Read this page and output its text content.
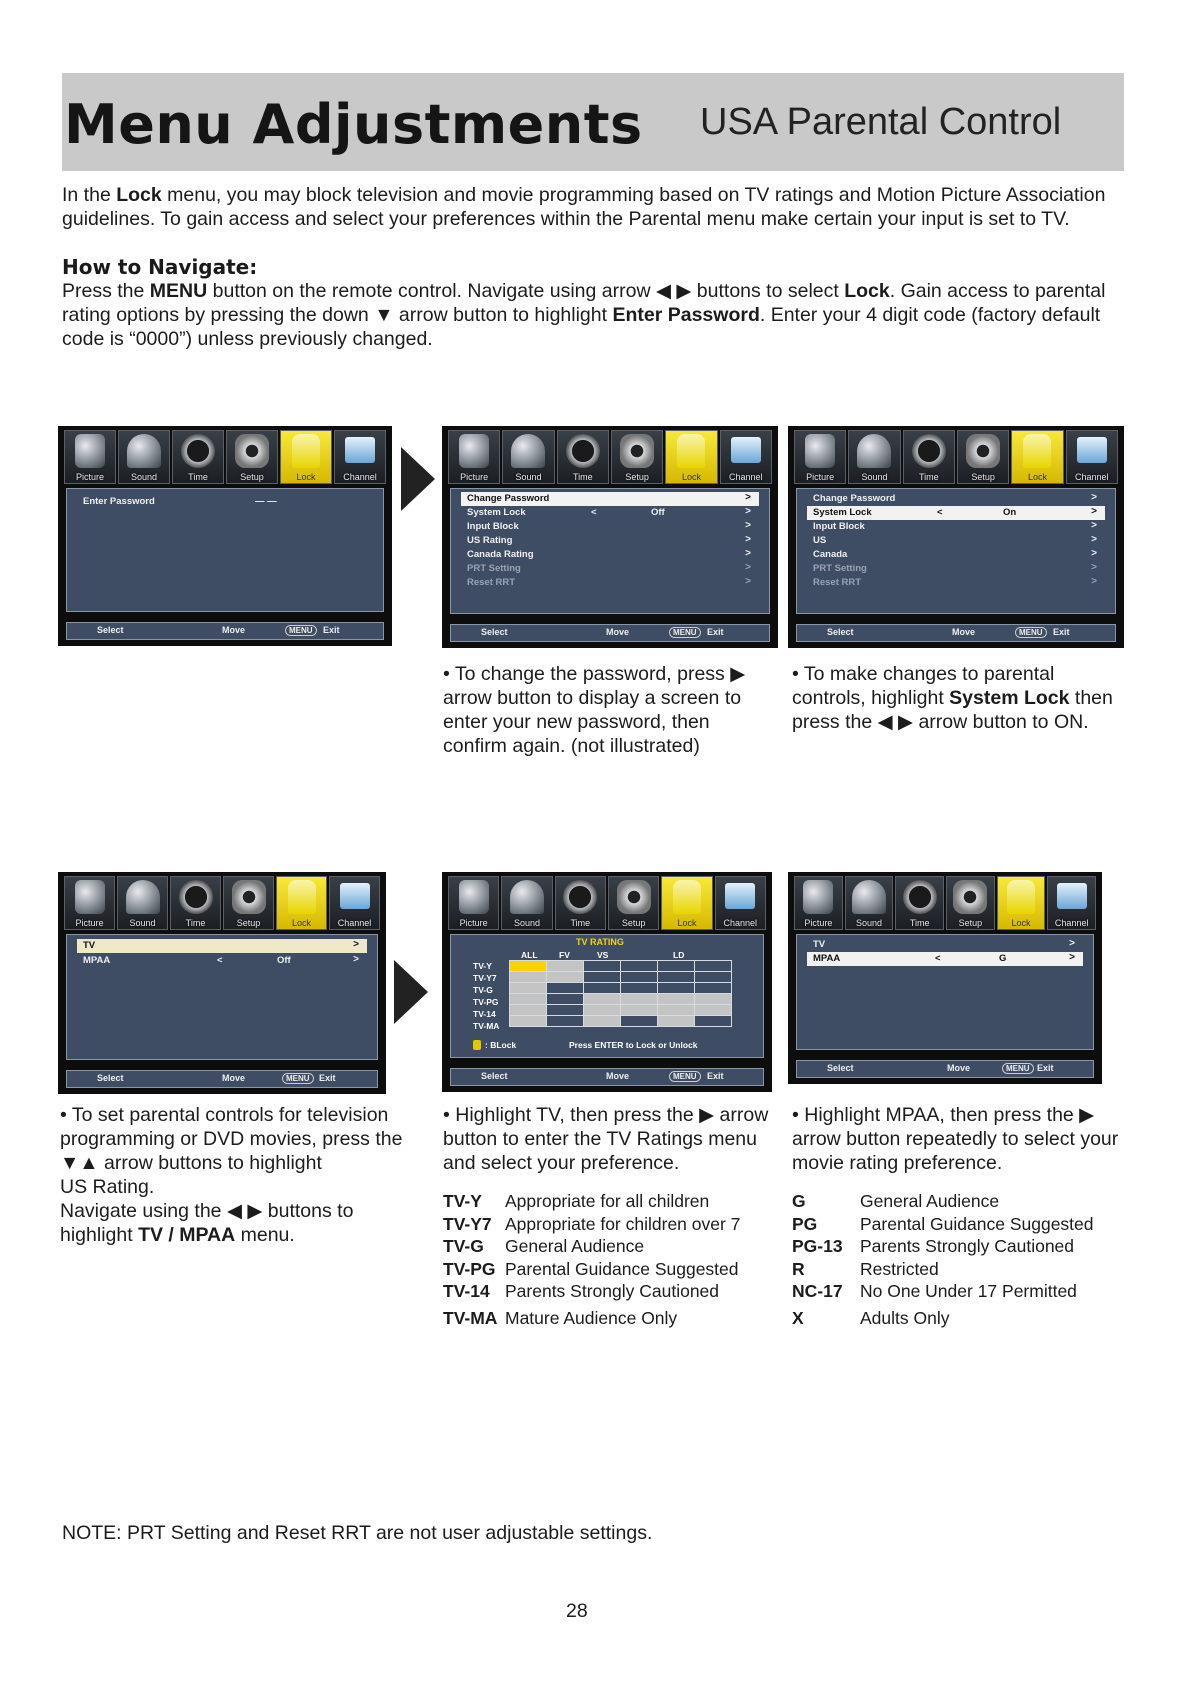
Menu Adjustments USA Parental Control
In the Lock menu, you may block television and movie programming based on TV ratings and Motion Picture Association guidelines. To gain access and select your preferences within the Parental menu make certain your input is set to TV.
How to Navigate:
Press the MENU button on the remote control. Navigate using arrow ◀ ▶ buttons to select Lock. Gain access to parental rating options by pressing the down ▼ arrow button to highlight Enter Password. Enter your 4 digit code (factory default code is “0000”) unless previously changed.
Picture	Sound	Time	Setup	Lock	Channel
Enter Password	— —
Select	Move	MENU	Exit
Picture	Sound	Time	Setup	Lock	Channel
Change Password	>
System Lock	<	Off	>
Input Block	>
US Rating	>
Canada Rating	>
PRT Setting	>
Reset RRT	>
Select	Move	MENU	Exit
Picture	Sound	Time	Setup	Lock	Channel
Change Password	>
System Lock	<	On	>
Input Block	>
US	>
Canada	>
PRT Setting	>
Reset RRT	>
Select	Move	MENU	Exit
• To change the password, press ▶ arrow button to display a screen to enter your new password, then confirm again. (not illustrated)
• To make changes to parental controls, highlight System Lock then press the ◀ ▶ arrow button to ON.
Picture	Sound	Time	Setup	Lock	Channel
TV	>
MPAA	<	Off	>
Select	Move	MENU	Exit
Picture	Sound	Time	Setup	Lock	Channel
TV RATING
ALL	FV	VS	LD
TV-Y
TV-Y7
TV-G
TV-PG
TV-14
TV-MA

: BLock	Press ENTER to Lock or Unlock
Select	Move	MENU	Exit
Picture	Sound	Time	Setup	Lock	Channel
TV	>
MPAA	<	G	>
Select	Move	MENU Exit
• To set parental controls for television programming or DVD movies, press the ▼▲ arrow buttons to highlight
US Rating.
Navigate using the ◀ ▶ buttons to highlight TV / MPAA menu.
• Highlight TV, then press the ▶ arrow button to enter the TV Ratings menu and select your preference.
• Highlight MPAA, then press the ▶ arrow button repeatedly to select your movie rating preference.
TV-Y Appropriate for all children
TV-Y7 Appropriate for children over 7
TV-G General Audience
TV-PG Parental Guidance Suggested
TV-14 Parents Strongly Cautioned
TV-MA Mature Audience Only
G	General Audience
PG Parental Guidance Suggested
PG-13 Parents Strongly Cautioned
R	Restricted
NC-17 No One Under 17 Permitted
X	Adults Only
NOTE: PRT Setting and Reset RRT are not user adjustable settings.
28
